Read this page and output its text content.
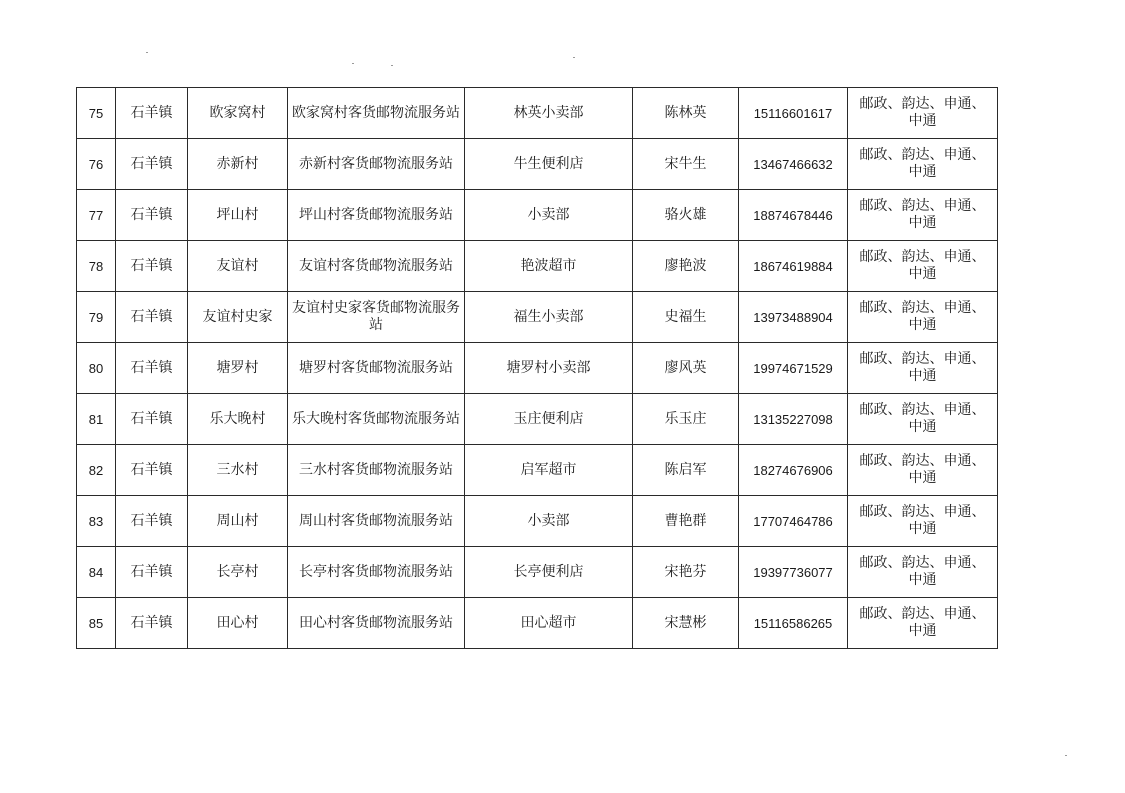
75	石羊镇	欧家窝村	欧家窝村客货邮物流服务站	林英小卖部	陈林英	15116601617	邮政、韵达、申通、中通
76	石羊镇	赤新村	赤新村客货邮物流服务站	牛生便利店	宋牛生	13467466632	邮政、韵达、申通、中通
77	石羊镇	坪山村	坪山村客货邮物流服务站	小卖部	骆火雄	18874678446	邮政、韵达、申通、中通
78	石羊镇	友谊村	友谊村客货邮物流服务站	艳波超市	廖艳波	18674619884	邮政、韵达、申通、中通
79	石羊镇	友谊村史家	友谊村史家客货邮物流服务站	福生小卖部	史福生	13973488904	邮政、韵达、申通、中通
80	石羊镇	塘罗村	塘罗村客货邮物流服务站	塘罗村小卖部	廖风英	19974671529	邮政、韵达、申通、中通
81	石羊镇	乐大晚村	乐大晚村客货邮物流服务站	玉庄便利店	乐玉庄	13135227098	邮政、韵达、申通、中通
82	石羊镇	三水村	三水村客货邮物流服务站	启军超市	陈启军	18274676906	邮政、韵达、申通、中通
83	石羊镇	周山村	周山村客货邮物流服务站	小卖部	曹艳群	17707464786	邮政、韵达、申通、中通
84	石羊镇	长亭村	长亭村客货邮物流服务站	长亭便利店	宋艳芬	19397736077	邮政、韵达、申通、中通
85	石羊镇	田心村	田心村客货邮物流服务站	田心超市	宋慧彬	15116586265	邮政、韵达、申通、中通
